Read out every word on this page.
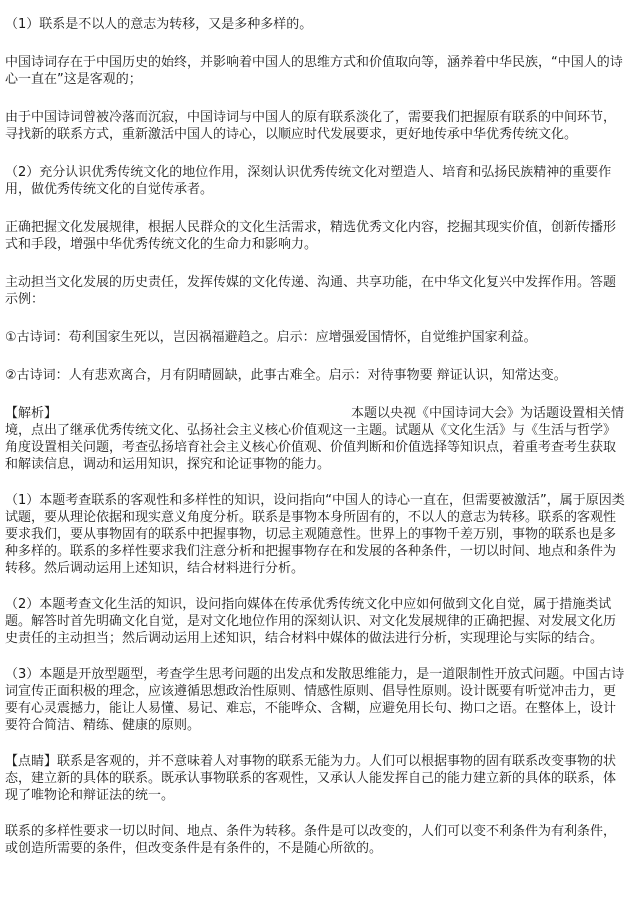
（1）联系是不以人的意志为转移，又是多种多样的。

中国诗词存在于中国历史的始终，并影响着中国人的思维方式和价值取向等，涵养着中华民族，“中国人的诗心一直在”这是客观的；

由于中国诗词曾被冷落而沉寂，中国诗词与中国人的原有联系淡化了，需要我们把握原有联系的中间环节，寻找新的联系方式，重新激活中国人的诗心，以顺应时代发展要求，更好地传承中华优秀传统文化。

（2）充分认识优秀传统文化的地位作用，深刻认识优秀传统文化对塑造人、培育和弘扬民族精神的重要作用，做优秀传统文化的自觉传承者。

正确把握文化发展规律，根据人民群众的文化生活需求，精选优秀文化内容，挖掘其现实价值，创新传播形式和手段，增强中华优秀传统文化的生命力和影响力。

主动担当文化发展的历史责任，发挥传媒的文化传递、沟通、共享功能，在中华文化复兴中发挥作用。答题示例：

①古诗词：苟利国家生死以，岂因祸福避趋之。启示：应增强爱国情怀，自觉维护国家利益。

②古诗词：人有悲欢离合，月有阴晴圆缺，此事古难全。启示：对待事物要 辩证认识，知常达变。

【解析】	本题以央视《中国诗词大会》为话题设置相关情境，点出了继承优秀传统文化、弘扬社会主义核心价值观这一主题。试题从《文化生活》与《生活与哲学》角度设置相关问题，考查弘扬培育社会主义核心价值观、价值判断和价值选择等知识点，着重考查考生获取和解读信息，调动和运用知识，探究和论证事物的能力。

（1）本题考查联系的客观性和多样性的知识，设问指向“中国人的诗心一直在，但需要被激活”，属于原因类试题，要从理论依据和现实意义角度分析。联系是事物本身所固有的，不以人的意志为转移。联系的客观性要求我们，要从事物固有的联系中把握事物，切忌主观随意性。世界上的事物千差万别，事物的联系也是多种多样的。联系的多样性要求我们注意分析和把握事物存在和发展的各种条件，一切以时间、地点和条件为转移。然后调动运用上述知识，结合材料进行分析。

（2）本题考查文化生活的知识，设问指向媒体在传承优秀传统文化中应如何做到文化自觉，属于措施类试题。解答时首先明确文化自觉，是对文化地位作用的深刻认识、对文化发展规律的正确把握、对发展文化历史责任的主动担当；然后调动运用上述知识，结合材料中媒体的做法进行分析，实现理论与实际的结合。

（3）本题是开放型题型，考查学生思考问题的出发点和发散思维能力，是一道限制性开放式问题。中国古诗词宣传正面积极的理念，应该遵循思想政治性原则、情感性原则、倡导性原则。设计既要有听觉冲击力，更要有心灵震撼力，能让人易懂、易记、难忘，不能哗众、含糊，应避免用长句、拗口之语。在整体上，设计要符合简洁、精练、健康的原则。

【点睛】联系是客观的，并不意味着人对事物的联系无能为力。人们可以根据事物的固有联系改变事物的状态，建立新的具体的联系。既承认事物联系的客观性，又承认人能发挥自己的能力建立新的具体的联系，体现了唯物论和辩证法的统一。

联系的多样性要求一切以时间、地点、条件为转移。条件是可以改变的，人们可以变不利条件为有利条件，或创造所需要的条件，但改变条件是有条件的，不是随心所欲的。
